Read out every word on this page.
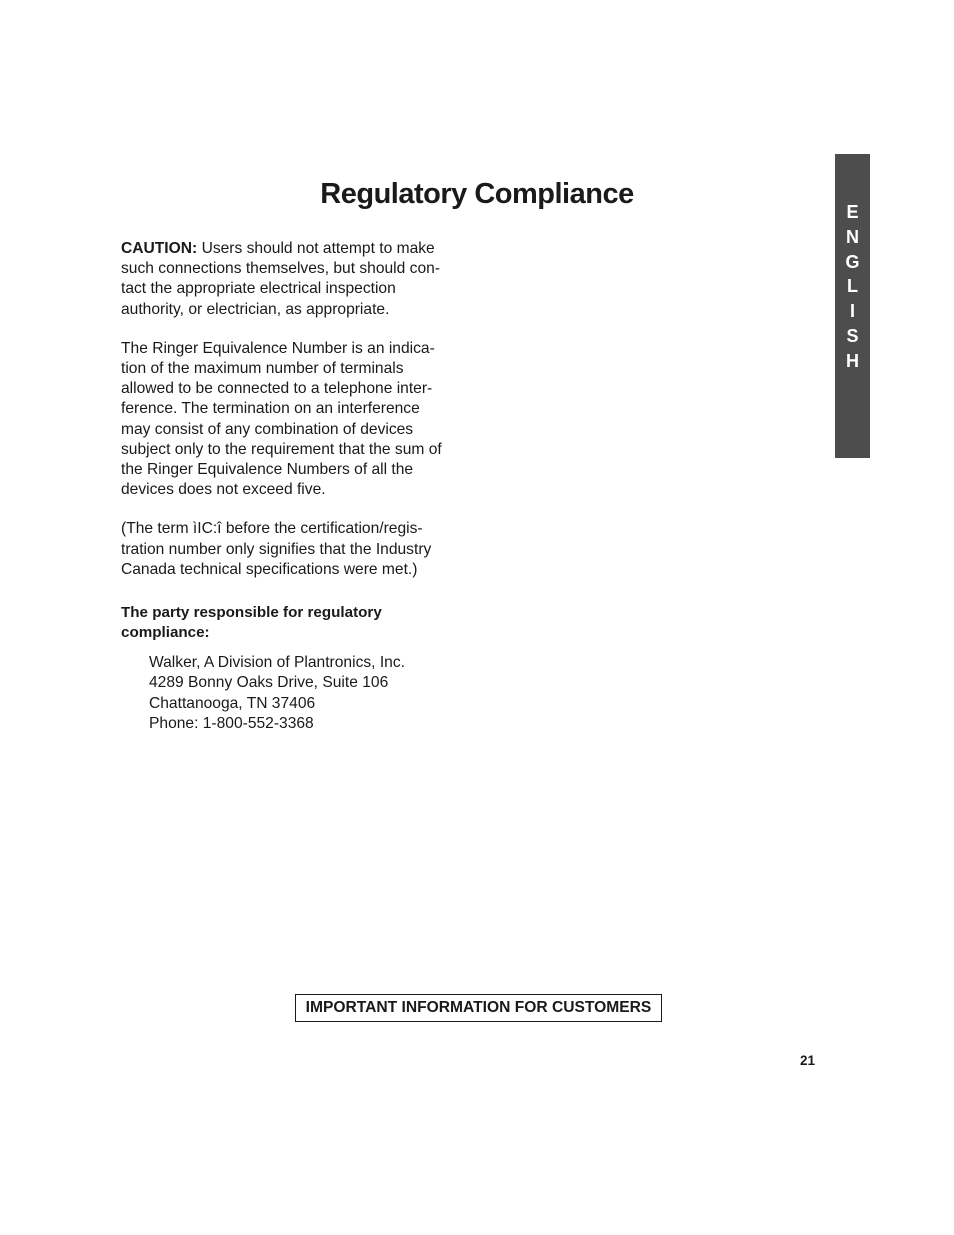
Regulatory Compliance
E
N
G
L
I
S
H

CAUTION: Users should not attempt to make
such connections themselves, but should con-
tact the appropriate electrical inspection
authority, or electrician, as appropriate.

The Ringer Equivalence Number is an indica-
tion of the maximum number of terminals
allowed to be connected to a telephone inter-
ference. The termination on an interference
may consist of any combination of devices
subject only to the requirement that the sum of
the Ringer Equivalence Numbers of all the
devices does not exceed five.

(The term ìIC:î before the certification/regis-
tration number only signifies that the Industry
Canada technical specifications were met.)

The party responsible for regulatory
compliance:
Walker, A Division of Plantronics, Inc.
4289 Bonny Oaks Drive, Suite 106
Chattanooga, TN 37406
Phone: 1-800-552-3368
IMPORTANT INFORMATION FOR CUSTOMERS
21
